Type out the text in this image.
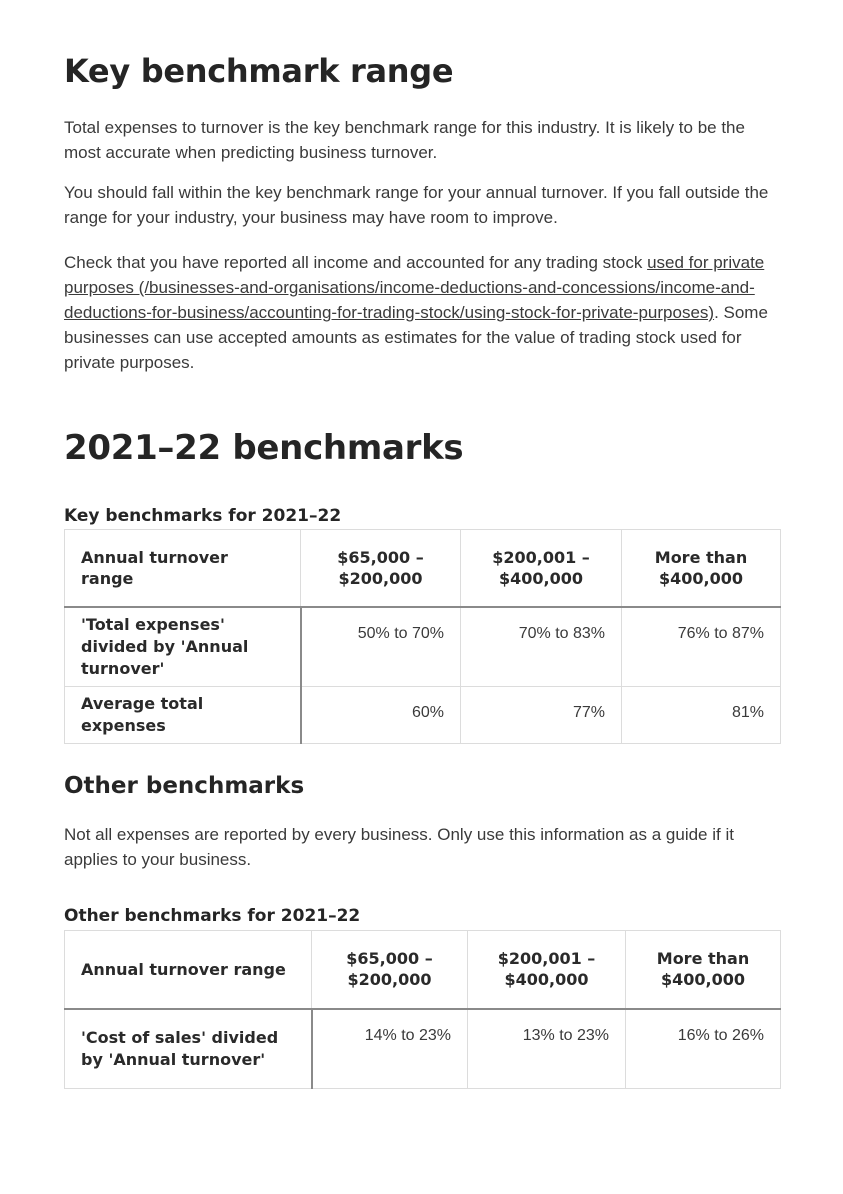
Key benchmark range

Total expenses to turnover is the key benchmark range for this industry. It is likely to be the most accurate when predicting business turnover.

You should fall within the key benchmark range for your annual turnover. If you fall outside the range for your industry, your business may have room to improve.

Check that you have reported all income and accounted for any trading stock used for private purposes (/businesses-and-organisations/income-deductions-and-concessions/income-and-deductions-for-business/accounting-for-trading-stock/using-stock-for-private-purposes). Some businesses can use accepted amounts as estimates for the value of trading stock used for private purposes.

2021–22 benchmarks
Key benchmarks for 2021–22
Annual turnover range	$65,000 – $200,000	$200,001 – $400,000	More than $400,000
'Total expenses' divided by 'Annual turnover'	50% to 70%	70% to 83%	76% to 87%
Average total expenses	60%	77%	81%
Other benchmarks

Not all expenses are reported by every business. Only use this information as a guide if it applies to your business.

Other benchmarks for 2021–22
Annual turnover range	$65,000 – $200,000	$200,001 – $400,000	More than $400,000
'Cost of sales' divided by 'Annual turnover'	14% to 23%	13% to 23%	16% to 26%
